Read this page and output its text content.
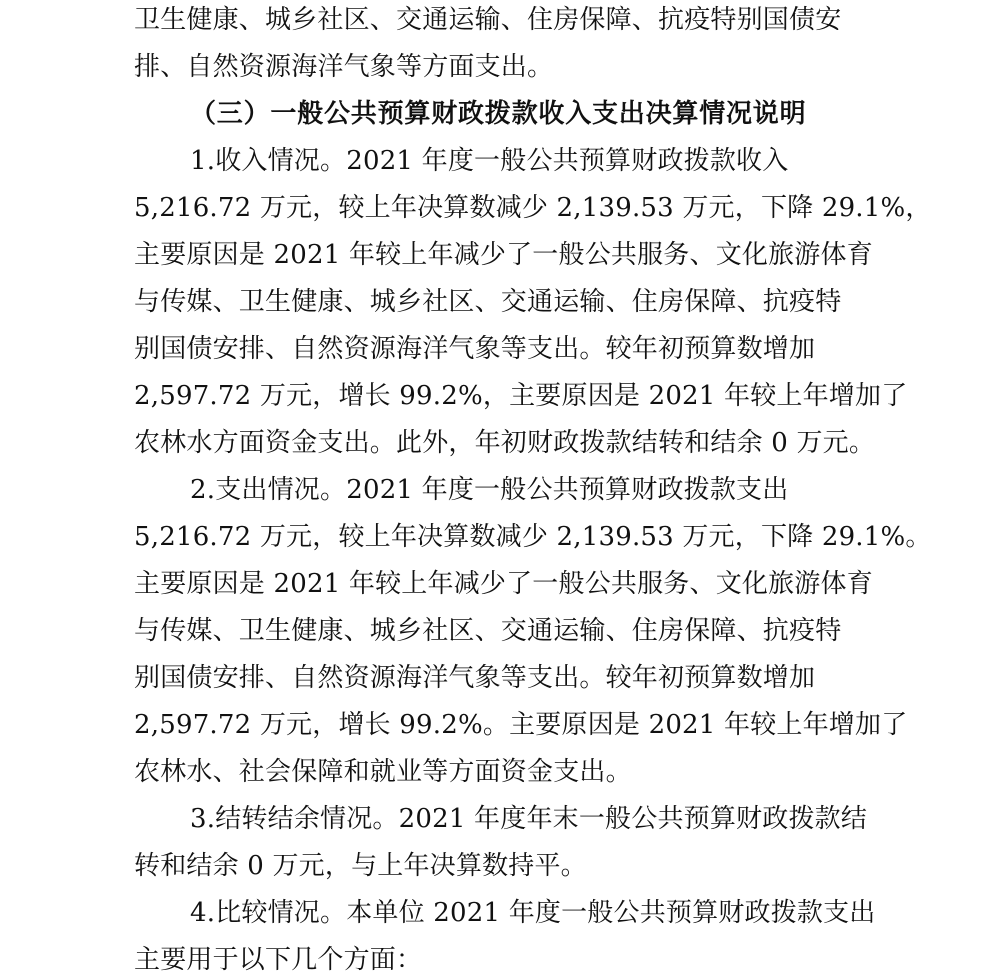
卫生健康、城乡社区、交通运输、住房保障、抗疫特别国债安
排、自然资源海洋气象等方面支出。
（三）一般公共预算财政拨款收入支出决算情况说明
1.收入情况。2021 年度一般公共预算财政拨款收入
5,216.72 万元，较上年决算数减少 2,139.53 万元，下降 29.1%，
主要原因是 2021 年较上年减少了一般公共服务、文化旅游体育
与传媒、卫生健康、城乡社区、交通运输、住房保障、抗疫特
别国债安排、自然资源海洋气象等支出。较年初预算数增加
2,597.72 万元，增长 99.2%，主要原因是 2021 年较上年增加了
农林水方面资金支出。此外，年初财政拨款结转和结余 0 万元。
2.支出情况。2021 年度一般公共预算财政拨款支出
5,216.72 万元，较上年决算数减少 2,139.53 万元，下降 29.1%。
主要原因是 2021 年较上年减少了一般公共服务、文化旅游体育
与传媒、卫生健康、城乡社区、交通运输、住房保障、抗疫特
别国债安排、自然资源海洋气象等支出。较年初预算数增加
2,597.72 万元，增长 99.2%。主要原因是 2021 年较上年增加了
农林水、社会保障和就业等方面资金支出。
3.结转结余情况。2021 年度年末一般公共预算财政拨款结
转和结余 0 万元，与上年决算数持平。
4.比较情况。本单位 2021 年度一般公共预算财政拨款支出
主要用于以下几个方面：
